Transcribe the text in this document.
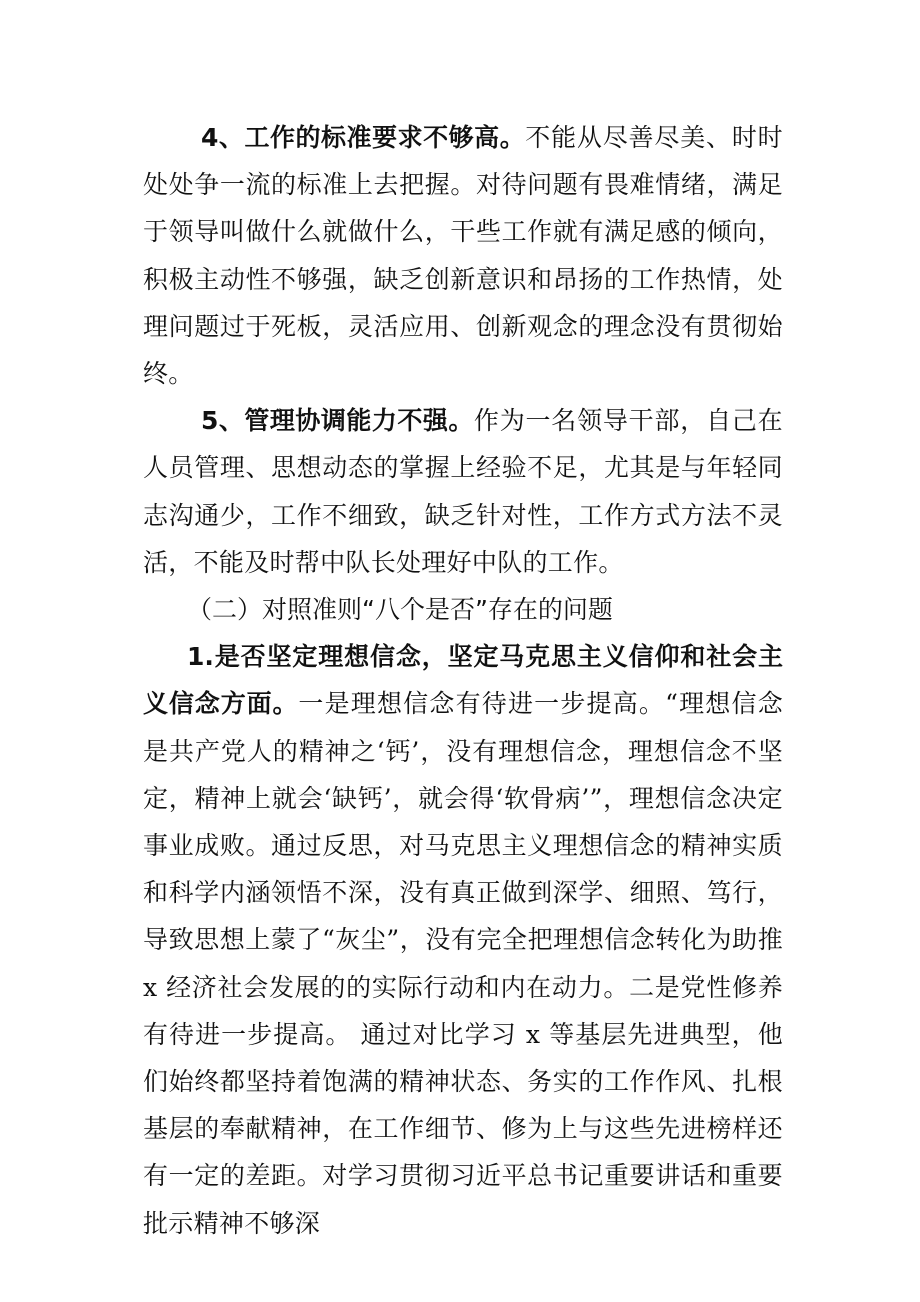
4、工作的标准要求不够高。不能从尽善尽美、时时处处争一流的标准上去把握。对待问题有畏难情绪，满足于领导叫做什么就做什么，干些工作就有满足感的倾向，积极主动性不够强，缺乏创新意识和昂扬的工作热情，处理问题过于死板，灵活应用、创新观念的理念没有贯彻始终。

5、管理协调能力不强。作为一名领导干部，自己在人员管理、思想动态的掌握上经验不足，尤其是与年轻同志沟通少，工作不细致，缺乏针对性，工作方式方法不灵活，不能及时帮中队长处理好中队的工作。

（二）对照准则“八个是否”存在的问题

1.是否坚定理想信念，坚定马克思主义信仰和社会主义信念方面。一是理想信念有待进一步提高。“理想信念是共产党人的精神之‘钙’，没有理想信念，理想信念不坚定，精神上就会‘缺钙’，就会得‘软骨病’”，理想信念决定事业成败。通过反思，对马克思主义理想信念的精神实质和科学内涵领悟不深，没有真正做到深学、细照、笃行，导致思想上蒙了“灰尘”，没有完全把理想信念转化为助推 x 经济社会发展的的实际行动和内在动力。二是党性修养有待进一步提高。 通过对比学习 x 等基层先进典型，他们始终都坚持着饱满的精神状态、务实的工作作风、扎根基层的奉献精神，在工作细节、修为上与这些先进榜样还有一定的差距。对学习贯彻习近平总书记重要讲话和重要批示精神不够深
